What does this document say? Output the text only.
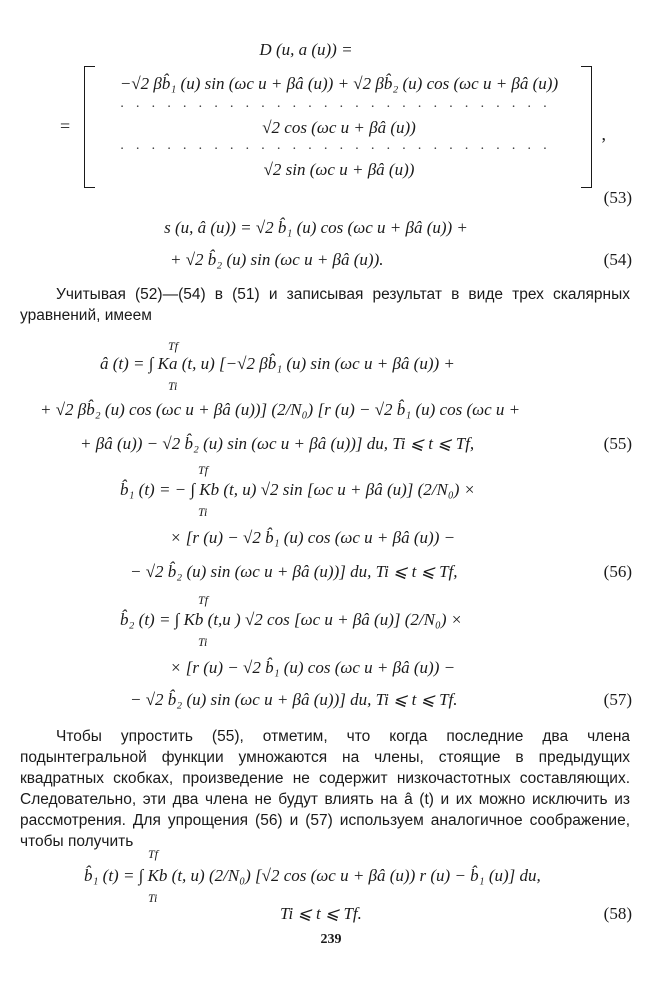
D (u, a (u)) =
=
−√2 βb̂₁ (u) sin (ωc u + βâ (u)) + √2 βb̂₂ (u) cos (ωc u + βâ (u))
····························
√2 cos (ωc u + βâ (u))
····························
√2 sin (ωc u + βâ (u))
,
(53)
s (u, â (u)) = √2 b̂₁ (u) cos (ωc u + βâ (u)) +
+ √2 b̂₂ (u) sin (ωc u + βâ (u)).	(54)

Учитывая (52)—(54) в (51) и записывая результат в виде трех скалярных уравнений, имеем

Tf
Ti
â (t) = ∫ Ka (t, u) [−√2 βb̂₁ (u) sin (ωc u + βâ (u)) +
+ √2 βb̂₂ (u) cos (ωc u + βâ (u))] (2/N₀) [r (u) − √2 b̂₁ (u) cos (ωc u +
+ βâ (u)) − √2 b̂₂ (u) sin (ωc u + βâ (u))] du, Ti ⩽ t ⩽ Tf,	(55)
Tf
Ti
b̂₁ (t) = − ∫ Kb (t, u) √2 sin [ωc u + βâ (u)] (2/N₀) ×
× [r (u) − √2 b̂₁ (u) cos (ωc u + βâ (u)) −
− √2 b̂₂ (u) sin (ωc u + βâ (u))] du, Ti ⩽ t ⩽ Tf,	(56)
Tf
Ti
b̂₂ (t) = ∫ Kb (t,u ) √2 cos [ωc u + βâ (u)] (2/N₀) ×
× [r (u) − √2 b̂₁ (u) cos (ωc u + βâ (u)) −
− √2 b̂₂ (u) sin (ωc u + βâ (u))] du, Ti ⩽ t ⩽ Tf.	(57)

Чтобы упростить (55), отметим, что когда последние два члена подынтегральной функции умножаются на члены, стоящие в предыдущих квадратных скобках, произведение не содержит низкочастотных составляющих. Следовательно, эти два члена не будут влиять на â (t) и их можно исключить из рассмотрения. Для упрощения (56) и (57) используем аналогичное соображение, чтобы получить

Tf
Ti
b̂₁ (t) = ∫ Kb (t, u) (2/N₀) [√2 cos (ωc u + βâ (u)) r (u) − b̂₁ (u)] du,
Ti ⩽ t ⩽ Tf.	(58)
239
